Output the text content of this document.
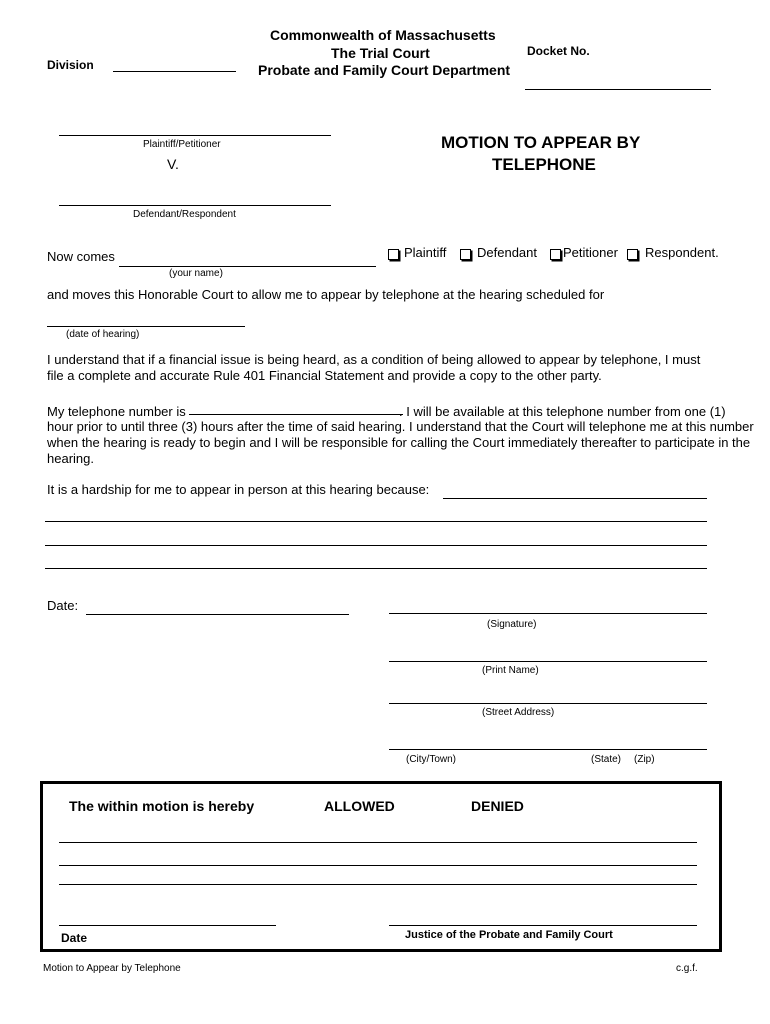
Commonwealth of Massachusetts
The Trial Court
Probate and Family Court Department
Division
Docket No.
Plaintiff/Petitioner
V.
Defendant/Respondent
MOTION TO APPEAR BY
TELEPHONE
Now comes
(your name)
Plaintiff Defendant Petitioner Respondent.
and moves this Honorable Court to allow me to appear by telephone at the hearing scheduled for
(date of hearing)
I understand that if a financial issue is being heard, as a condition of being allowed to appear by telephone, I must
file a complete and accurate Rule 401 Financial Statement and provide a copy to the other party.
My telephone number is	. I will be available at this telephone number from one (1)
hour prior to until three (3) hours after the time of said hearing. I understand that the Court will telephone me at this number
when the hearing is ready to begin and I will be responsible for calling the Court immediately thereafter to participate in the
hearing.
It is a hardship for me to appear in person at this hearing because:
Date:
(Signature)
(Print Name)
(Street Address)
(City/Town)	(State) (Zip)
The within motion is hereby	ALLOWED	DENIED
Date	Justice of the Probate and Family Court
Motion to Appear by Telephone	c.g.f.
